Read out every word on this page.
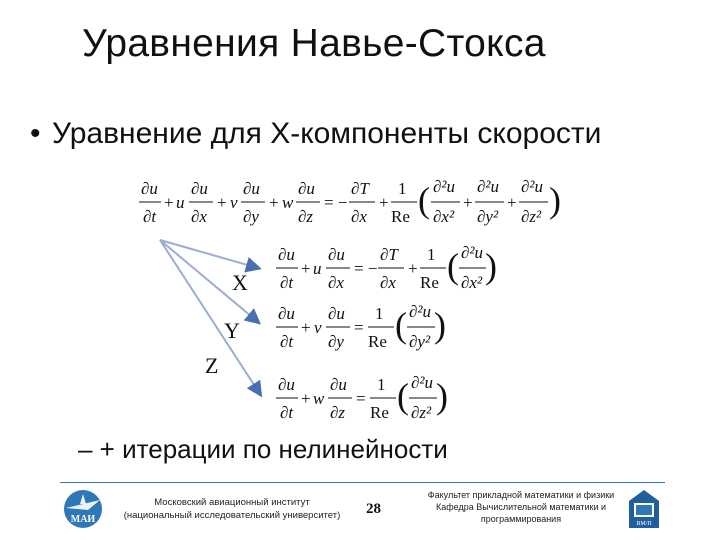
Уравнения Навье-Стокса
• Уравнение для X-компоненты скорости
∂u
∂t
+ u
∂u
∂x
+ v
∂u
∂y
+ w
∂u
∂z
= −
∂T
∂x
+
1
Re ( ∂²u
∂x²
+
∂²u
∂y²
+
∂²u
∂z² )
X
Y
Z
∂u
∂t
+ u
∂u
∂x
= −
∂T
∂x
+
1
Re ( ∂²u
∂x² )
∂u
∂t
+ v
∂u
∂y
=
1
Re ( ∂²u
∂y² )
∂u
∂t
+ w
∂u
∂z
=
1
Re ( ∂²u
∂z² )
– + итерации по нелинейности
МАИ
Московский авиационный институт
(национальный исследовательский университет)	28
Факультет прикладной математики и физики
Кафедра Вычислительной математики и
программирования	ВМ/П
